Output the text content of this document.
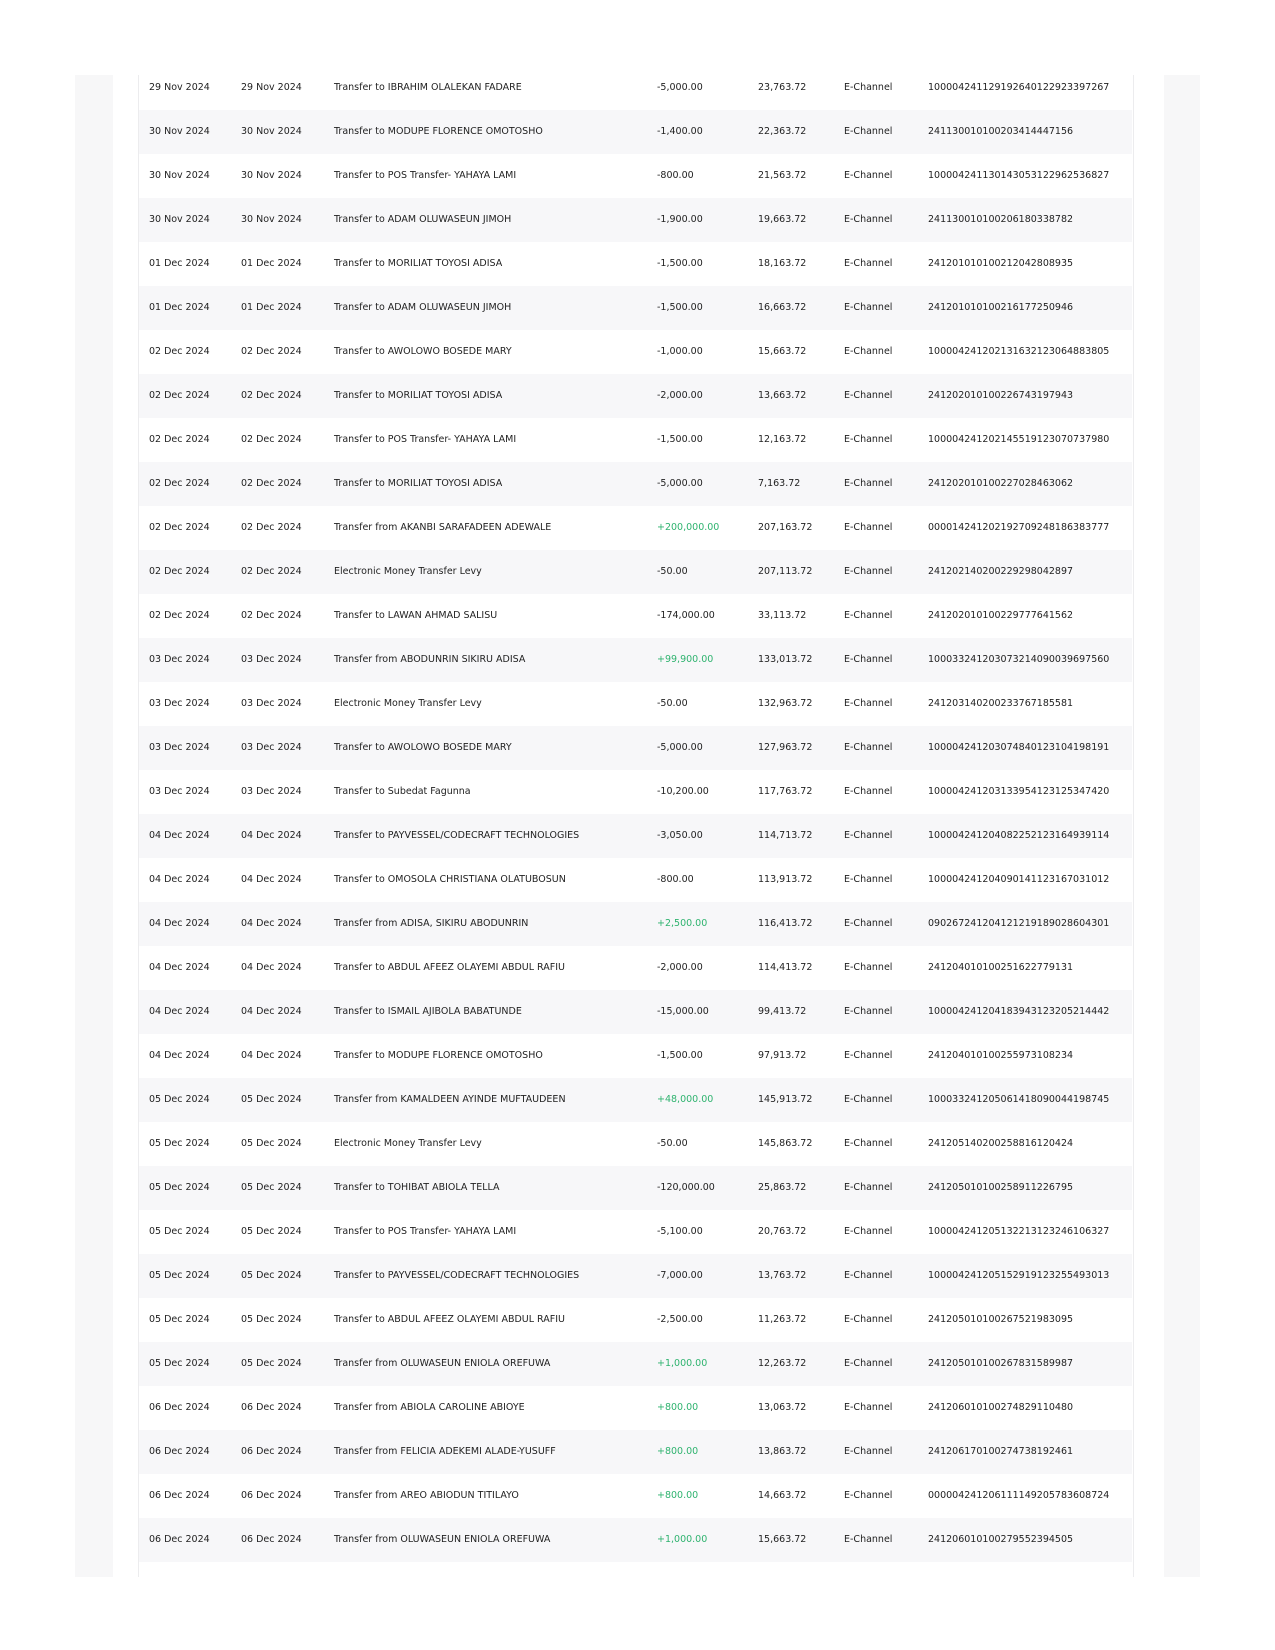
29 Nov 2024	29 Nov 2024	Transfer to IBRAHIM OLALEKAN FADARE	-5,000.00	23,763.72	E-Channel	100004241129192640122923397267
30 Nov 2024	30 Nov 2024	Transfer to MODUPE FLORENCE OMOTOSHO	-1,400.00	22,363.72	E-Channel	241130010100203414447156
30 Nov 2024	30 Nov 2024	Transfer to POS Transfer- YAHAYA LAMI	-800.00	21,563.72	E-Channel	100004241130143053122962536827
30 Nov 2024	30 Nov 2024	Transfer to ADAM OLUWASEUN JIMOH	-1,900.00	19,663.72	E-Channel	241130010100206180338782
01 Dec 2024	01 Dec 2024	Transfer to MORILIAT TOYOSI ADISA	-1,500.00	18,163.72	E-Channel	241201010100212042808935
01 Dec 2024	01 Dec 2024	Transfer to ADAM OLUWASEUN JIMOH	-1,500.00	16,663.72	E-Channel	241201010100216177250946
02 Dec 2024	02 Dec 2024	Transfer to AWOLOWO BOSEDE MARY	-1,000.00	15,663.72	E-Channel	100004241202131632123064883805
02 Dec 2024	02 Dec 2024	Transfer to MORILIAT TOYOSI ADISA	-2,000.00	13,663.72	E-Channel	241202010100226743197943
02 Dec 2024	02 Dec 2024	Transfer to POS Transfer- YAHAYA LAMI	-1,500.00	12,163.72	E-Channel	100004241202145519123070737980
02 Dec 2024	02 Dec 2024	Transfer to MORILIAT TOYOSI ADISA	-5,000.00	7,163.72	E-Channel	241202010100227028463062
02 Dec 2024	02 Dec 2024	Transfer from AKANBI SARAFADEEN ADEWALE	+200,000.00	207,163.72	E-Channel	000014241202192709248186383777
02 Dec 2024	02 Dec 2024	Electronic Money Transfer Levy	-50.00	207,113.72	E-Channel	241202140200229298042897
02 Dec 2024	02 Dec 2024	Transfer to LAWAN AHMAD SALISU	-174,000.00	33,113.72	E-Channel	241202010100229777641562
03 Dec 2024	03 Dec 2024	Transfer from ABODUNRIN SIKIRU ADISA	+99,900.00	133,013.72	E-Channel	100033241203073214090039697560
03 Dec 2024	03 Dec 2024	Electronic Money Transfer Levy	-50.00	132,963.72	E-Channel	241203140200233767185581
03 Dec 2024	03 Dec 2024	Transfer to AWOLOWO BOSEDE MARY	-5,000.00	127,963.72	E-Channel	100004241203074840123104198191
03 Dec 2024	03 Dec 2024	Transfer to Subedat Fagunna	-10,200.00	117,763.72	E-Channel	100004241203133954123125347420
04 Dec 2024	04 Dec 2024	Transfer to PAYVESSEL/CODECRAFT TECHNOLOGIES	-3,050.00	114,713.72	E-Channel	100004241204082252123164939114
04 Dec 2024	04 Dec 2024	Transfer to OMOSOLA CHRISTIANA OLATUBOSUN	-800.00	113,913.72	E-Channel	100004241204090141123167031012
04 Dec 2024	04 Dec 2024	Transfer from ADISA, SIKIRU ABODUNRIN	+2,500.00	116,413.72	E-Channel	090267241204121219189028604301
04 Dec 2024	04 Dec 2024	Transfer to ABDUL AFEEZ OLAYEMI ABDUL RAFIU	-2,000.00	114,413.72	E-Channel	241204010100251622779131
04 Dec 2024	04 Dec 2024	Transfer to ISMAIL AJIBOLA BABATUNDE	-15,000.00	99,413.72	E-Channel	100004241204183943123205214442
04 Dec 2024	04 Dec 2024	Transfer to MODUPE FLORENCE OMOTOSHO	-1,500.00	97,913.72	E-Channel	241204010100255973108234
05 Dec 2024	05 Dec 2024	Transfer from KAMALDEEN AYINDE MUFTAUDEEN	+48,000.00	145,913.72	E-Channel	100033241205061418090044198745
05 Dec 2024	05 Dec 2024	Electronic Money Transfer Levy	-50.00	145,863.72	E-Channel	241205140200258816120424
05 Dec 2024	05 Dec 2024	Transfer to TOHIBAT ABIOLA TELLA	-120,000.00	25,863.72	E-Channel	241205010100258911226795
05 Dec 2024	05 Dec 2024	Transfer to POS Transfer- YAHAYA LAMI	-5,100.00	20,763.72	E-Channel	100004241205132213123246106327
05 Dec 2024	05 Dec 2024	Transfer to PAYVESSEL/CODECRAFT TECHNOLOGIES	-7,000.00	13,763.72	E-Channel	100004241205152919123255493013
05 Dec 2024	05 Dec 2024	Transfer to ABDUL AFEEZ OLAYEMI ABDUL RAFIU	-2,500.00	11,263.72	E-Channel	241205010100267521983095
05 Dec 2024	05 Dec 2024	Transfer from OLUWASEUN ENIOLA OREFUWA	+1,000.00	12,263.72	E-Channel	241205010100267831589987
06 Dec 2024	06 Dec 2024	Transfer from ABIOLA CAROLINE ABIOYE	+800.00	13,063.72	E-Channel	241206010100274829110480
06 Dec 2024	06 Dec 2024	Transfer from FELICIA ADEKEMI ALADE-YUSUFF	+800.00	13,863.72	E-Channel	241206170100274738192461
06 Dec 2024	06 Dec 2024	Transfer from AREO ABIODUN TITILAYO	+800.00	14,663.72	E-Channel	000004241206111149205783608724
06 Dec 2024	06 Dec 2024	Transfer from OLUWASEUN ENIOLA OREFUWA	+1,000.00	15,663.72	E-Channel	241206010100279552394505
